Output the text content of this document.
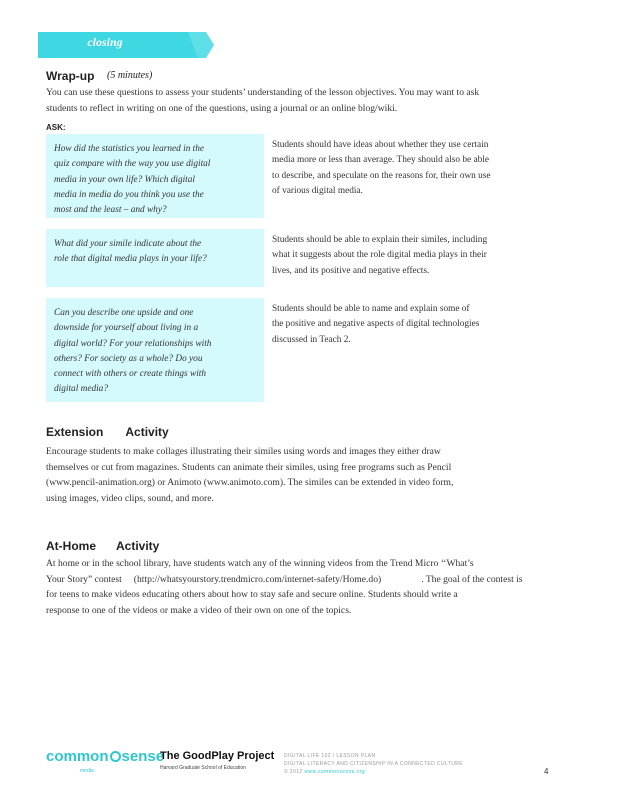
closing
Wrap-up (5 minutes)
You can use these questions to assess your students’ understanding of the lesson objectives. You may want to ask
students to reflect in writing on one of the questions, using a journal or an online blog/wiki.
ASK:
How did the statistics you learned in the
quiz compare with the way you use digital
media in your own life? Which digital
media in media do you think you use the
most and the least – and why?
Students should have ideas about whether they use certain
media more or less than average. They should also be able
to describe, and speculate on the reasons for, their own use
of various digital media.
What did your simile indicate about the
role that digital media plays in your life?
Students should be able to explain their similes, including
what it suggests about the role digital media plays in their
lives, and its positive and negative effects.
Can you describe one upside and one
downside for yourself about living in a
digital world? For your relationships with
others? For society as a whole? Do you
connect with others or create things with
digital media?
Students should be able to name and explain some of
the positive and negative aspects of digital technologies
discussed in Teach 2.
Extension Activity
Encourage students to make collages illustrating their similes using words and images they either draw
themselves or cut from magazines. Students can animate their similes, using free programs such as Pencil
(www.pencil-animation.org) or Animoto (www.animoto.com). The similes can be extended in video form,
using images, video clips, sound, and more.
At-Home Activity
At home or in the school library, have students watch any of the winning videos from the Trend Micro ‘‘What’s
Your Story” contest (http://whatsyourstory.trendmicro.com/internet-safety/Home.do)	. The goal of the contest is
for teens to make videos educating others about how to stay safe and secure online. Students should write a
response to one of the videos or make a video of their own on one of the topics.
common sense
media
The GoodPlay Project
Harvard Graduate School of Education
DIGITAL LIFE 102 / LESSON PLAN
DIGITAL LITERACY AND CITIZENSHIP IN A CONNECTED CULTURE
© 2012 www.commonsense.org	4
